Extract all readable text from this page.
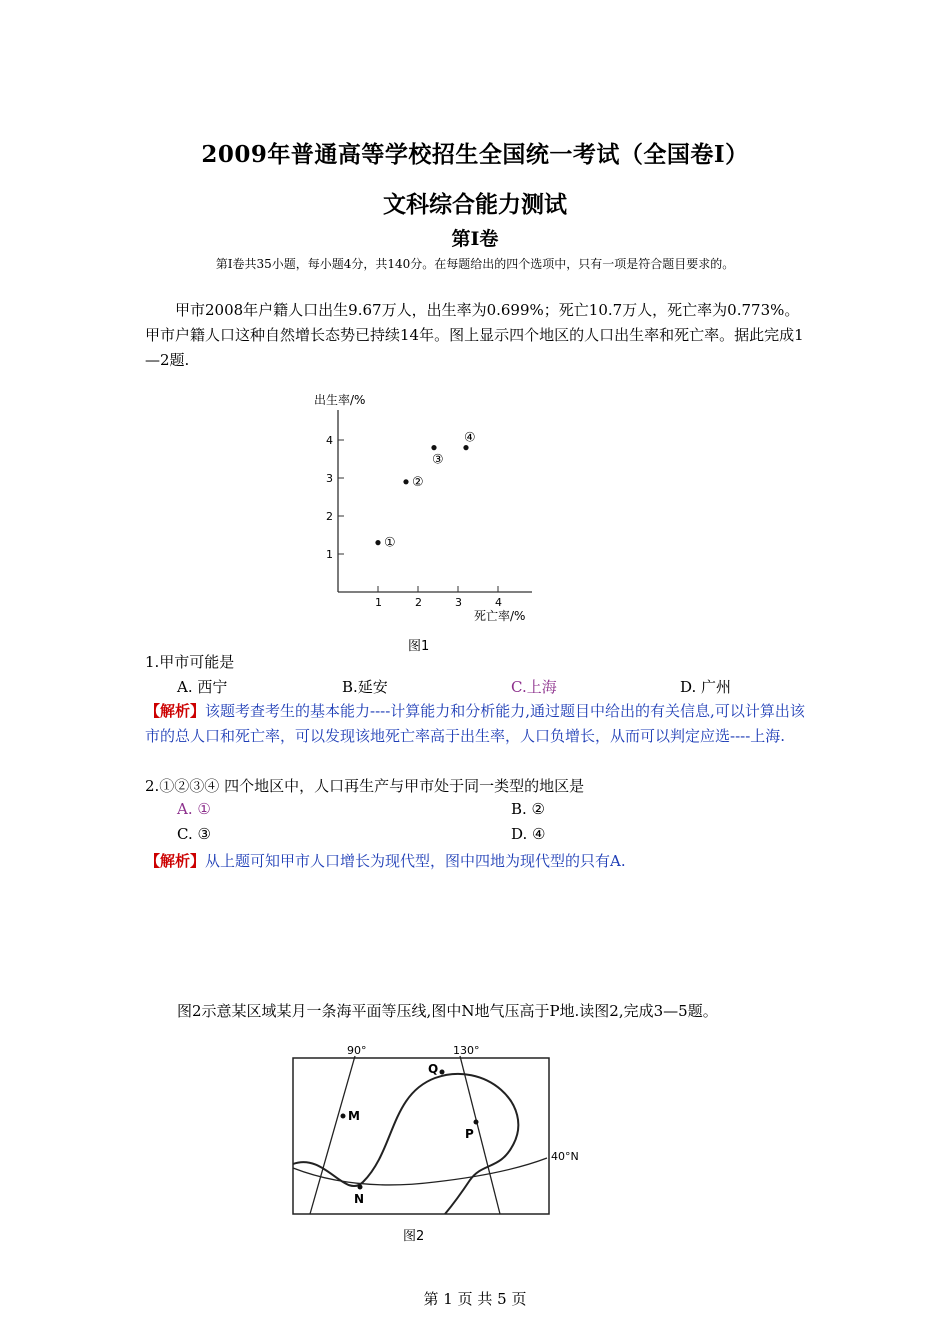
2009年普通高等学校招生全国统一考试（全国卷I）
文科综合能力测试
第I卷
第I卷共35小题，每小题4分，共140分。在每题给出的四个选项中，只有一项是符合题目要求的。
甲市2008年户籍人口出生9.67万人，出生率为0.699%；死亡10.7万人，死亡率为0.773%。甲市户籍人口这种自然增长态势已持续14年。图上显示四个地区的人口出生率和死亡率。据此完成1—2题.
1
2
3
4
1	2	3	4
①
②
③
④
出生率/%
死亡率/%
图1
1.甲市可能是
A. 西宁	B.延安	C.上海	D. 广州
【解析】该题考查考生的基本能力----计算能力和分析能力,通过题目中给出的有关信息,可以计算出该市的总人口和死亡率，可以发现该地死亡率高于出生率，人口负增长，从而可以判定应选----上海.
2.①②③④ 四个地区中，人口再生产与甲市处于同一类型的地区是
A. ①	B. ②
C. ③	D. ④
【解析】从上题可知甲市人口增长为现代型，图中四地为现代型的只有A.
图2示意某区域某月一条海平面等压线,图中N地气压高于P地.读图2,完成3—5题。
90°	130°
40°N
Q
M
P
N
图2
第 1 页 共 5 页
